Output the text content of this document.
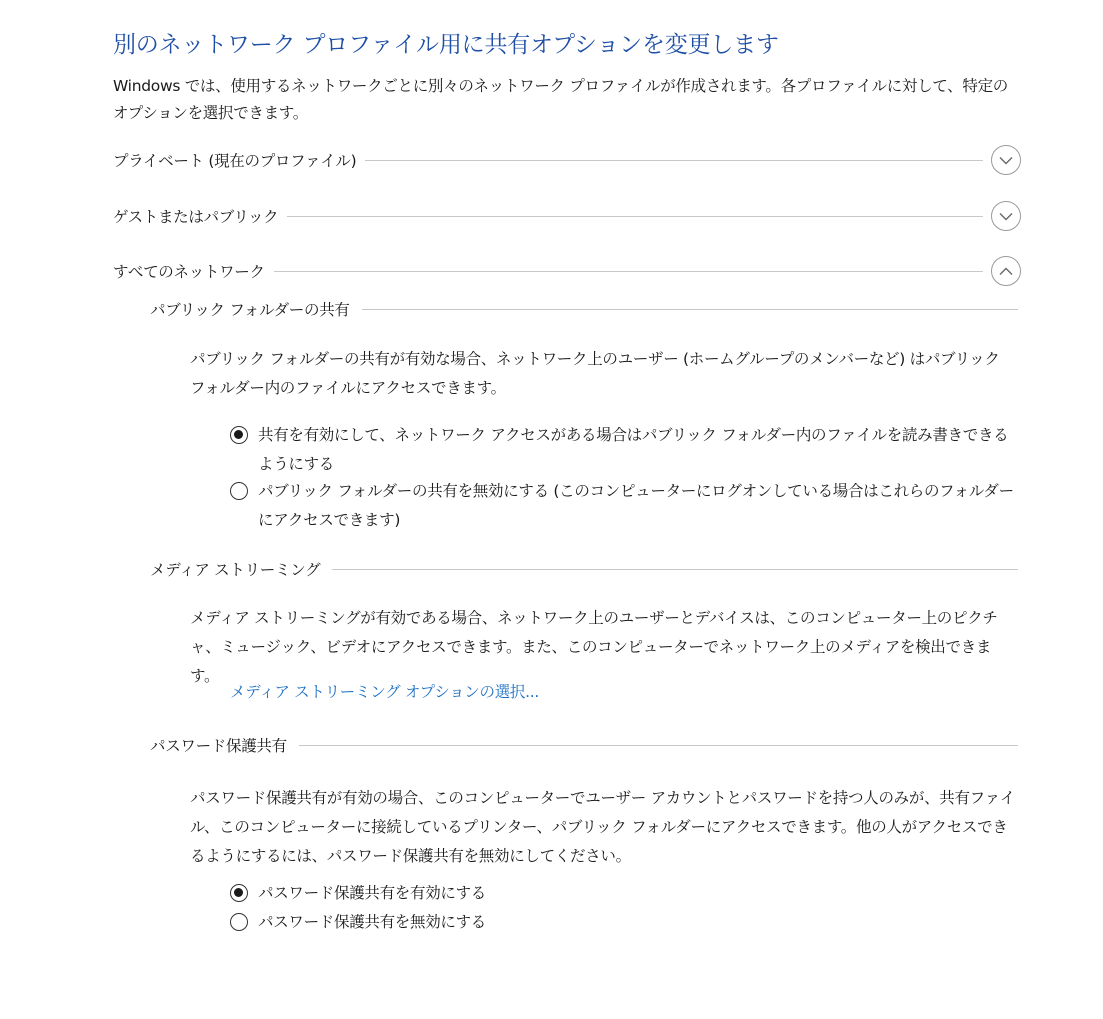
別のネットワーク プロファイル用に共有オプションを変更します
Windows では、使用するネットワークごとに別々のネットワーク プロファイルが作成されます。各プロファイルに対して、特定のオプションを選択できます。
プライベート (現在のプロファイル)
ゲストまたはパブリック
すべてのネットワーク
パブリック フォルダーの共有
パブリック フォルダーの共有が有効な場合、ネットワーク上のユーザー (ホームグループのメンバーなど) はパブリック フォルダー内のファイルにアクセスできます。
共有を有効にして、ネットワーク アクセスがある場合はパブリック フォルダー内のファイルを読み書きできるようにする
パブリック フォルダーの共有を無効にする (このコンピューターにログオンしている場合はこれらのフォルダーにアクセスできます)
メディア ストリーミング
メディア ストリーミングが有効である場合、ネットワーク上のユーザーとデバイスは、このコンピューター上のピクチャ、ミュージック、ビデオにアクセスできます。また、このコンピューターでネットワーク上のメディアを検出できます。
メディア ストリーミング オプションの選択...
パスワード保護共有
パスワード保護共有が有効の場合、このコンピューターでユーザー アカウントとパスワードを持つ人のみが、共有ファイル、このコンピューターに接続しているプリンター、パブリック フォルダーにアクセスできます。他の人がアクセスできるようにするには、パスワード保護共有を無効にしてください。
パスワード保護共有を有効にする
パスワード保護共有を無効にする
